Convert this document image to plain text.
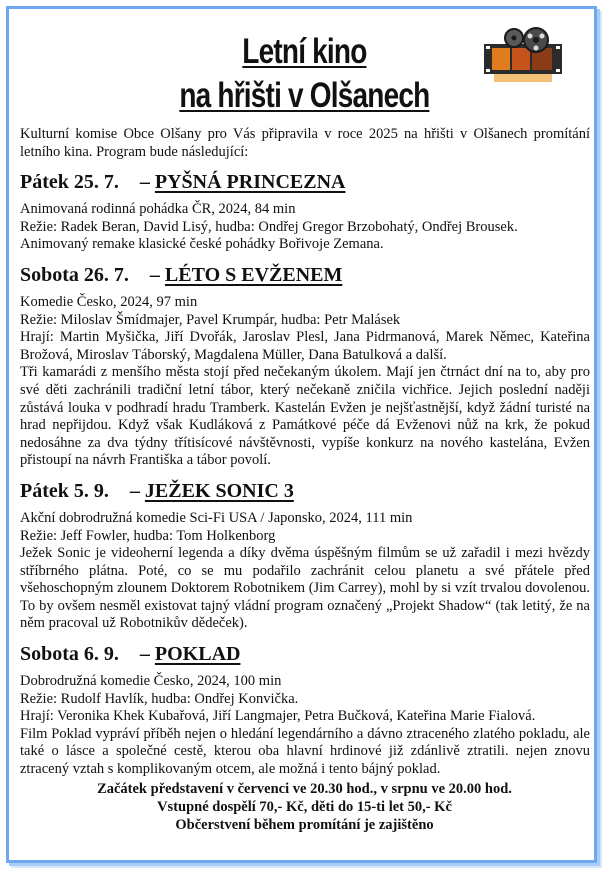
Letní kino
na hřišti v Olšanech

Kulturní komise Obce Olšany pro Vás připravila v roce 2025 na hřišti v Olšanech promítání letního kina. Program bude následující:

Pátek 25. 7. – PYŠNÁ PRINCEZNA

Animovaná rodinná pohádka ČR, 2024, 84 min

Režie: Radek Beran, David Lisý, hudba: Ondřej Gregor Brzobohatý, Ondřej Brousek.

Animovaný remake klasické české pohádky Bořivoje Zemana.

Sobota 26. 7. – LÉTO S EVŽENEM

Komedie Česko, 2024, 97 min

Režie: Miloslav Šmídmajer, Pavel Krumpár, hudba: Petr Malásek

Hrají: Martin Myšička, Jiří Dvořák, Jaroslav Plesl, Jana Pidrmanová, Marek Němec, Kateřina Brožová, Miroslav Táborský, Magdalena Müller, Dana Batulková a další.

Tři kamarádi z menšího města stojí před nečekaným úkolem. Mají jen čtrnáct dní na to, aby pro své děti zachránili tradiční letní tábor, který nečekaně zničila vichřice. Jejich poslední naději zůstává louka v podhradí hradu Tramberk. Kastelán Evžen je nejšťastnější, když žádní turisté na hrad nepřijdou. Když však Kudláková z Památkové péče dá Evženovi nůž na krk, že pokud nedosáhne za dva týdny třítisícové návštěvnosti, vypíše konkurz na nového kastelána, Evžen přistoupí na návrh Františka a tábor povolí.

Pátek 5. 9. – JEŽEK SONIC 3

Akční dobrodružná komedie Sci-Fi USA / Japonsko, 2024, 111 min

Režie: Jeff Fowler, hudba: Tom Holkenborg

Ježek Sonic je videoherní legenda a díky dvěma úspěšným filmům se už zařadil i mezi hvězdy stříbrného plátna. Poté, co se mu podařilo zachránit celou planetu a své přátele před všehoschopným zlounem Doktorem Robotnikem (Jim Carrey), mohl by si vzít trvalou dovolenou. To by ovšem nesměl existovat tajný vládní program označený „Projekt Shadow“ (tak letitý, že na něm pracoval už Robotnikův dědeček).

Sobota 6. 9. – POKLAD

Dobrodružná komedie Česko, 2024, 100 min

Režie: Rudolf Havlík, hudba: Ondřej Konvička.

Hrají: Veronika Khek Kubařová, Jiří Langmajer, Petra Bučková, Kateřina Marie Fialová.

Film Poklad vypráví příběh nejen o hledání legendárního a dávno ztraceného zlatého pokladu, ale také o lásce a společné cestě, kterou oba hlavní hrdinové již zdánlivě ztratili. nejen znovu ztracený vztah s komplikovaným otcem, ale možná i tento bájný poklad.

Začátek představení v červenci ve 20.30 hod., v srpnu ve 20.00 hod.
Vstupné dospělí 70,- Kč, děti do 15-ti let 50,- Kč
Občerstvení během promítání je zajištěno
